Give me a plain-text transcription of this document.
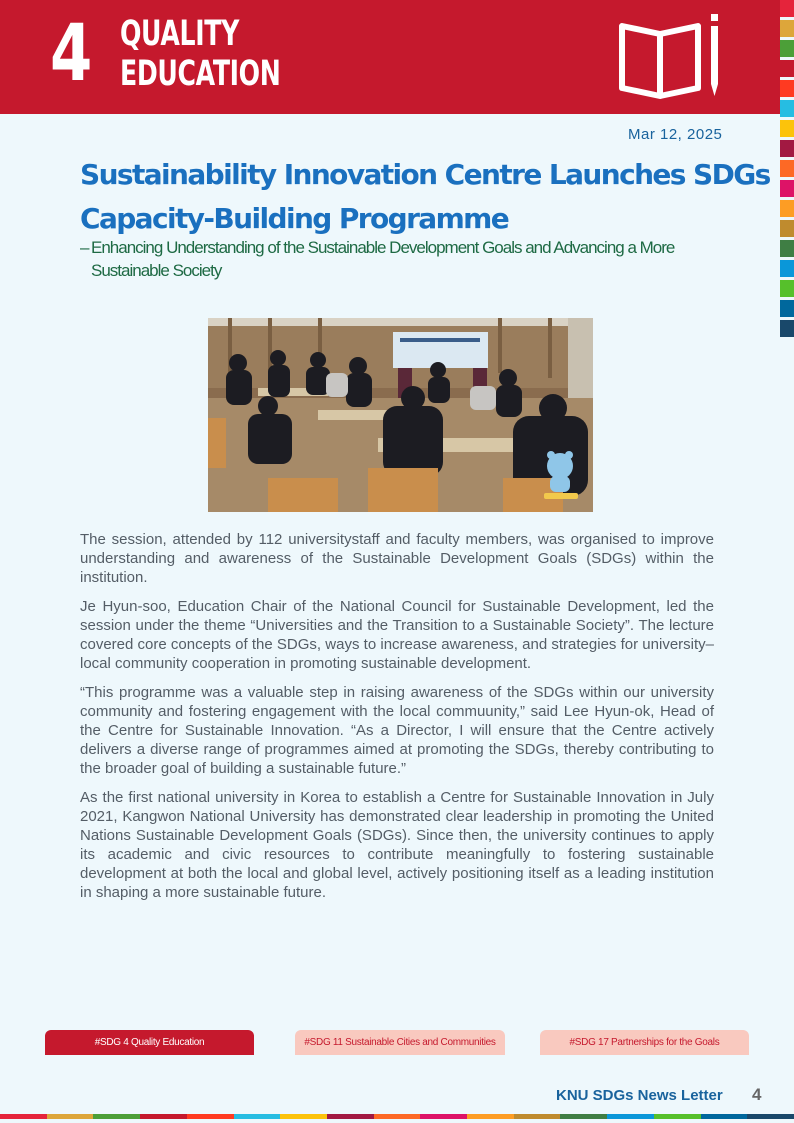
4 QUALITY
EDUCATION
Mar 12, 2025
Sustainability Innovation Centre Launches SDGs Capacity-Building Programme

– Enhancing Understanding of the Sustainable Development Goals and Advancing a More Sustainable Society

The session, attended by 112 universitystaff and faculty members, was organised to improve understanding and awareness of the Sustainable Development Goals (SDGs) within the institution.

Je Hyun-soo, Education Chair of the National Council for Sustainable Development, led the session under the theme “Universities and the Transition to a Sustainable Society”. The lecture covered core concepts of the SDGs, ways to increase awareness, and strategies for university–local community cooperation in promoting sustainable development.

“This programme was a valuable step in raising awareness of the SDGs within our university community and fostering engagement with the local commuunity,” said Lee Hyun-ok, Head of the Centre for Sustainable Innovation. “As a Director, I will ensure that the Centre actively delivers a diverse range of programmes aimed at promoting the SDGs, thereby contributing to the broader goal of building a sustainable future.”

As the first national university in Korea to establish a Centre for Sustainable Innovation in July 2021, Kangwon National University has demonstrated clear leadership in promoting the United Nations Sustainable Development Goals (SDGs). Since then, the university continues to apply its academic and civic resources to contribute meaningfully to fostering sustainable development at both the local and global level, actively positioning itself as a leading institution in shaping a more sustainable future.

#SDG 4 Quality Education	#SDG 11 Sustainable Cities and Communities	#SDG 17 Partnerships for the Goals
KNU SDGs News Letter 4
